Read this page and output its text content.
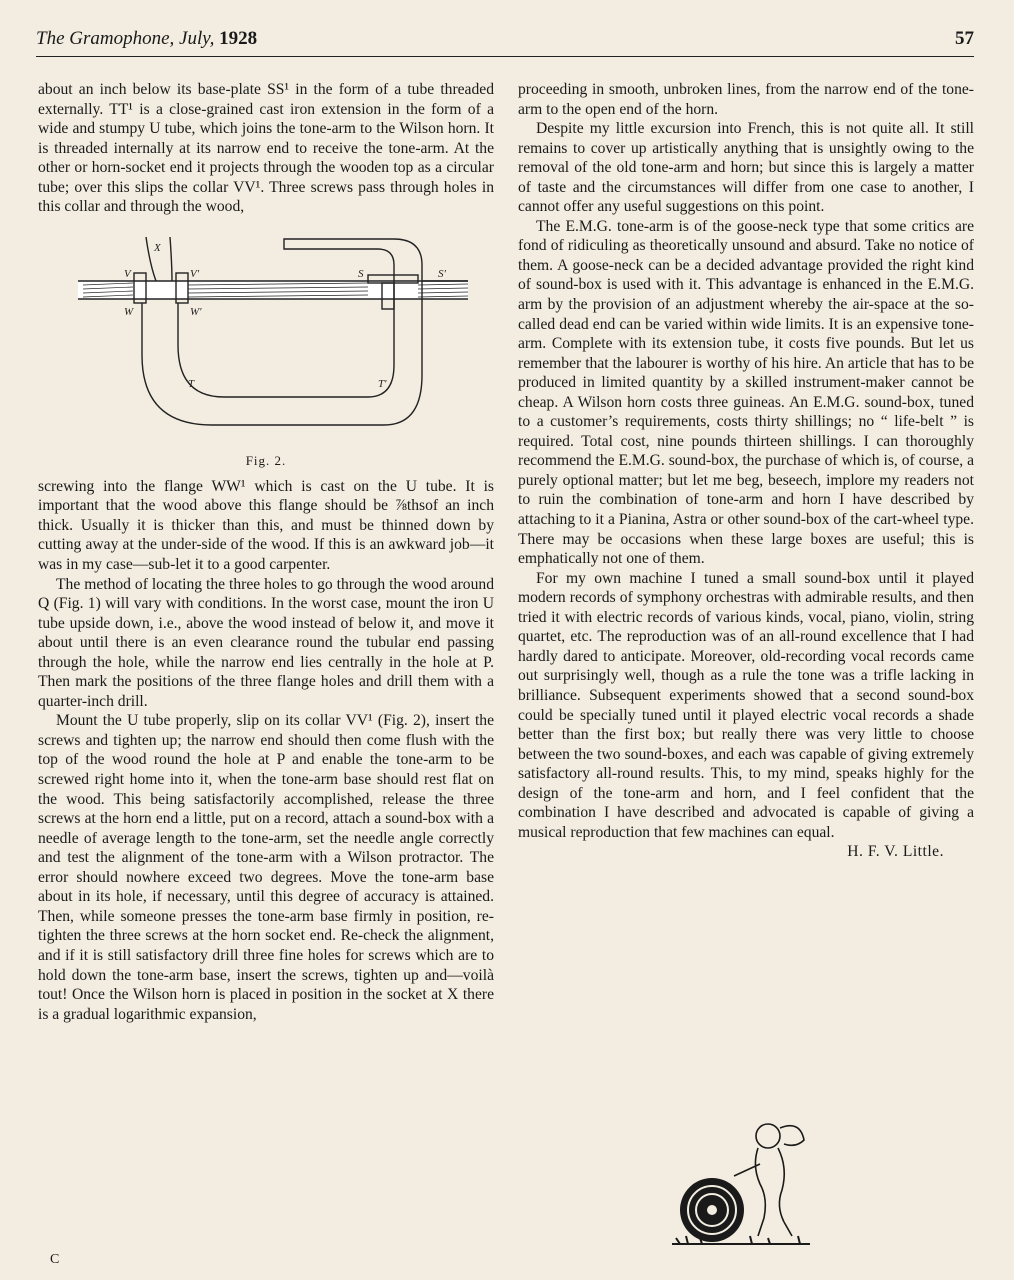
The Gramophone, July, 1928	57

about an inch below its base-plate SS¹ in the form of a tube threaded externally. TT¹ is a close-grained cast iron extension in the form of a wide and stumpy U tube, which joins the tone-arm to the Wilson horn. It is threaded internally at its narrow end to receive the tone-arm. At the other or horn-socket end it projects through the wooden top as a circular tube; over this slips the collar VV¹. Three screws pass through holes in this collar and through the wood,

X
V	V′
W	W′
S	S′
T	T′
Fig. 2.

screwing into the flange WW¹ which is cast on the U tube. It is important that the wood above this flange should be ⅞thsof an inch thick. Usually it is thicker than this, and must be thinned down by cutting away at the under-side of the wood. If this is an awkward job—it was in my case—sub-let it to a good carpenter.

The method of locating the three holes to go through the wood around Q (Fig. 1) will vary with conditions. In the worst case, mount the iron U tube upside down, i.e., above the wood instead of below it, and move it about until there is an even clearance round the tubular end passing through the hole, while the narrow end lies centrally in the hole at P. Then mark the positions of the three flange holes and drill them with a quarter-inch drill.

Mount the U tube properly, slip on its collar VV¹ (Fig. 2), insert the screws and tighten up; the narrow end should then come flush with the top of the wood round the hole at P and enable the tone-arm to be screwed right home into it, when the tone-arm base should rest flat on the wood. This being satisfactorily accomplished, release the three screws at the horn end a little, put on a record, attach a sound-box with a needle of average length to the tone-arm, set the needle angle correctly and test the alignment of the tone-arm with a Wilson protractor. The error should nowhere exceed two degrees. Move the tone-arm base about in its hole, if necessary, until this degree of accuracy is attained. Then, while someone presses the tone-arm base firmly in position, re-tighten the three screws at the horn socket end. Re-check the alignment, and if it is still satisfactory drill three fine holes for screws which are to hold down the tone-arm base, insert the screws, tighten up and—voilà tout! Once the Wilson horn is placed in position in the socket at X there is a gradual logarithmic expansion,

proceeding in smooth, unbroken lines, from the narrow end of the tone-arm to the open end of the horn.

Despite my little excursion into French, this is not quite all. It still remains to cover up artistically anything that is unsightly owing to the removal of the old tone-arm and horn; but since this is largely a matter of taste and the circumstances will differ from one case to another, I cannot offer any useful suggestions on this point.

The E.M.G. tone-arm is of the goose-neck type that some critics are fond of ridiculing as theoretically unsound and absurd. Take no notice of them. A goose-neck can be a decided advantage provided the right kind of sound-box is used with it. This advantage is enhanced in the E.M.G. arm by the provision of an adjustment whereby the air-space at the so-called dead end can be varied within wide limits. It is an expensive tone-arm. Complete with its extension tube, it costs five pounds. But let us remember that the labourer is worthy of his hire. An article that has to be produced in limited quantity by a skilled instrument-maker cannot be cheap. A Wilson horn costs three guineas. An E.M.G. sound-box, tuned to a customer’s requirements, costs thirty shillings; no “ life-belt ” is required. Total cost, nine pounds thirteen shillings. I can thoroughly recommend the E.M.G. sound-box, the purchase of which is, of course, a purely optional matter; but let me beg, beseech, implore my readers not to ruin the combination of tone-arm and horn I have described by attaching to it a Pianina, Astra or other sound-box of the cart-wheel type. There may be occasions when these large boxes are useful; this is emphatically not one of them.

For my own machine I tuned a small sound-box until it played modern records of symphony orchestras with admirable results, and then tried it with electric records of various kinds, vocal, piano, violin, string quartet, etc. The reproduction was of an all-round excellence that I had hardly dared to anticipate. Moreover, old-recording vocal records came out surprisingly well, though as a rule the tone was a trifle lacking in brilliance. Subsequent experiments showed that a second sound-box could be specially tuned until it played electric vocal records a shade better than the first box; but really there was very little to choose between the two sound-boxes, and each was capable of giving extremely satisfactory all-round results. This, to my mind, speaks highly for the design of the tone-arm and horn, and I feel confident that the combination I have described and advocated is capable of giving a musical reproduction that few machines can equal.

H. F. V. Little.
C
